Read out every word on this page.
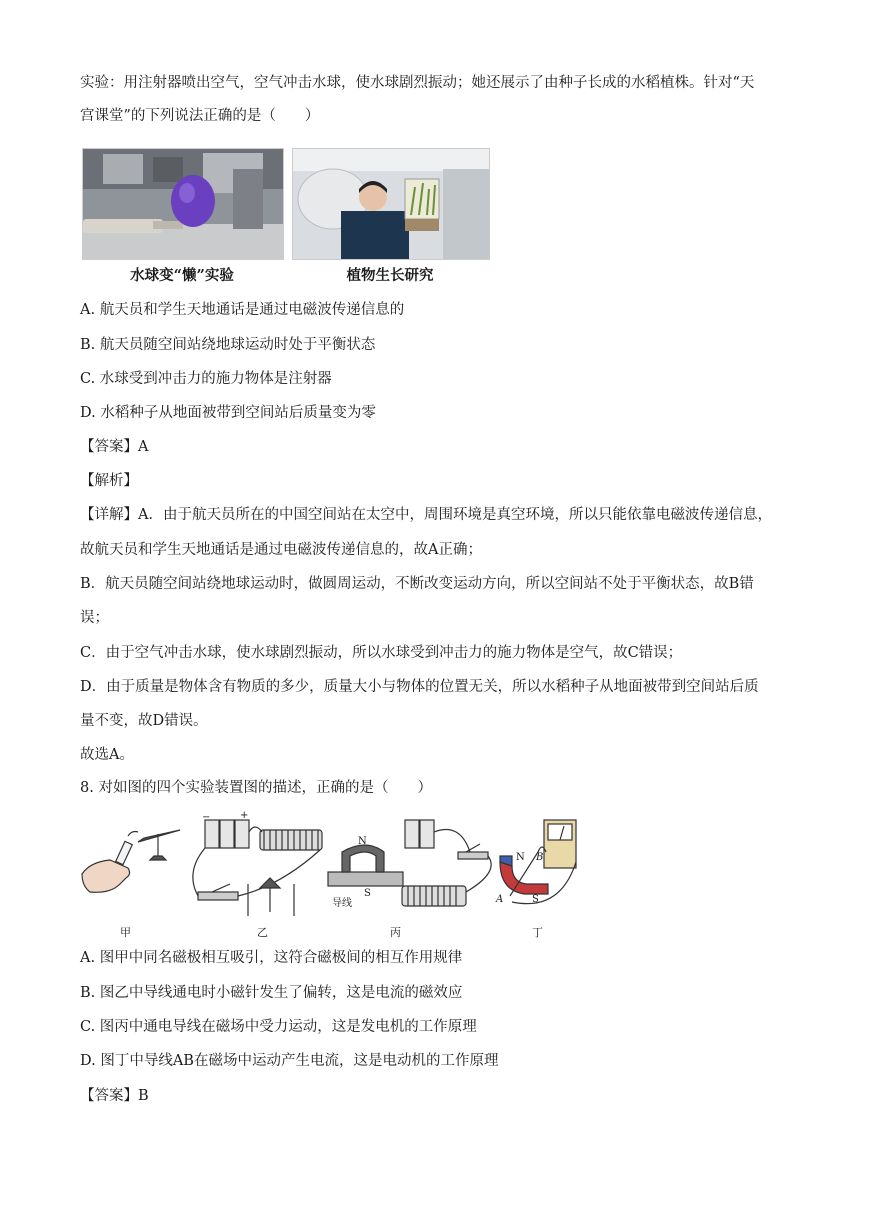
实验：用注射器喷出空气，空气冲击水球，使水球剧烈振动；她还展示了由种子长成的水稻植株。针对“天
宫课堂”的下列说法正确的是（　　）
水球变“懒”实验	植物生长研究
A. 航天员和学生天地通话是通过电磁波传递信息的
B. 航天员随空间站绕地球运动时处于平衡状态
C. 水球受到冲击力的施力物体是注射器
D. 水稻种子从地面被带到空间站后质量变为零
【答案】A
【解析】
【详解】A．由于航天员所在的中国空间站在太空中，周围环境是真空环境，所以只能依靠电磁波传递信息，
故航天员和学生天地通话是通过电磁波传递信息的，故A正确；
B．航天员随空间站绕地球运动时，做圆周运动，不断改变运动方向，所以空间站不处于平衡状态，故B错
误；
C．由于空气冲击水球，使水球剧烈振动，所以水球受到冲击力的施力物体是空气，故C错误；
D．由于质量是物体含有物质的多少，质量大小与物体的位置无关，所以水稻种子从地面被带到空间站后质
量不变，故D错误。
故选A。
8. 对如图的四个实验装置图的描述，正确的是（　　）
−	+
N
S
导线
N
S
A
B
甲	乙	丙	丁
A. 图甲中同名磁极相互吸引，这符合磁极间的相互作用规律
B. 图乙中导线通电时小磁针发生了偏转，这是电流的磁效应
C. 图丙中通电导线在磁场中受力运动，这是发电机的工作原理
D. 图丁中导线AB在磁场中运动产生电流，这是电动机的工作原理
【答案】B
